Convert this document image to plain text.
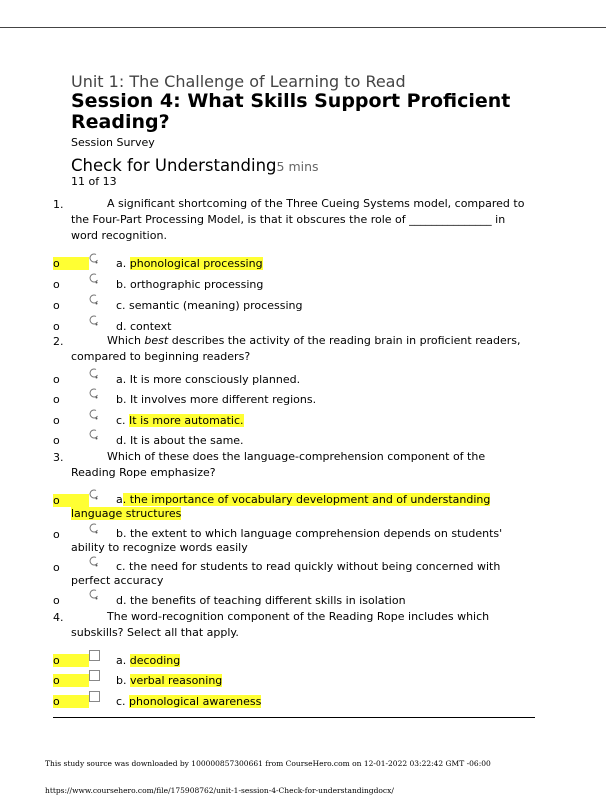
Unit 1: The Challenge of Learning to Read
Session 4: What Skills Support Proficient Reading?
Session Survey
Check for Understanding5 mins
11 of 13
1.	A significant shortcoming of the Three Cueing Systems model, compared to the Four-Part Processing Model, is that it obscures the role of _______________ in word recognition.
o	a. phonological processing
o	b. orthographic processing
o	c. semantic (meaning) processing
o	d. context
2.	Which best describes the activity of the reading brain in proficient readers, compared to beginning readers?
o	a. It is more consciously planned.
o	b. It involves more different regions.
o	c. It is more automatic.
o	d. It is about the same.
3.	Which of these does the language-comprehension component of the Reading Rope emphasize?
o	a. the importance of vocabulary development and of understanding language structures
o	b. the extent to which language comprehension depends on students' ability to recognize words easily
o	c. the need for students to read quickly without being concerned with perfect accuracy
o	d. the benefits of teaching different skills in isolation
4.	The word-recognition component of the Reading Rope includes which subskills? Select all that apply.
o	a. decoding
o	b. verbal reasoning
o	c. phonological awareness
This study source was downloaded by 100000857300661 from CourseHero.com on 12-01-2022 03:22:42 GMT -06:00
https://www.coursehero.com/file/175908762/unit-1-session-4-Check-for-understandingdocx/
